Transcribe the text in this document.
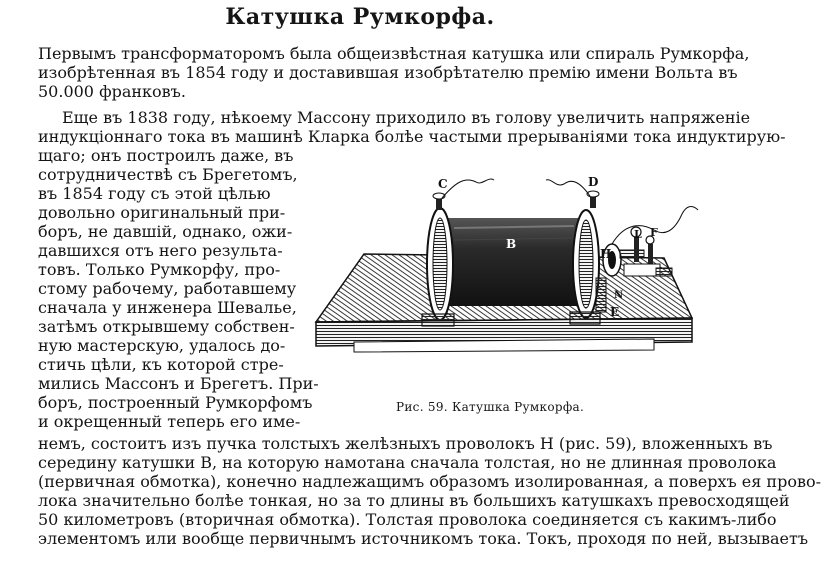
Катушка Румкорфа.
Первымъ трансформаторомъ была общеизвѣстная катушка или спираль Румкорфа,
изобрѣтенная въ 1854 году и доставившая изобрѣтателю премію имени Вольта въ
50.000 франковъ.
Еще въ 1838 году, нѣкоему Массону приходило въ голову увеличить напряженіе
индукціоннаго тока въ машинѣ Кларка болѣе частыми прерываніями тока индуктирую-
щаго; онъ построилъ даже, въ
сотрудничествѣ съ Брегетомъ,
въ 1854 году съ этой цѣлью
довольно оригинальный при-
боръ, не давшій, однако, ожи-
давшихся отъ него результа-
товъ. Только Румкорфу, про-
стому рабочему, работавшему
сначала у инженера Шевалье,
затѣмъ открывшему собствен-
ную мастерскую, удалось до-
стичь цѣли, къ которой стре-
мились Массонъ и Брегетъ. При-
боръ, построенный Румкорфомъ
и окрещенный теперь его име-
немъ, состоитъ изъ пучка толстыхъ желѣзныхъ проволокъ H (рис. 59), вложенныхъ въ
середину катушки B, на которую намотана сначала толстая, но не длинная проволока
(первичная обмотка), конечно надлежащимъ образомъ изолированная, а поверхъ ея прово-
лока значительно болѣе тонкая, но за то длины въ большихъ катушкахъ превосходящей
50 километровъ (вторичная обмотка). Толстая проволока соединяется съ какимъ-либо
элементомъ или вообще первичнымъ источникомъ тока. Токъ, проходя по ней, вызываетъ
C	D
B
H
L F
E
N
Рис. 59. Катушка Румкорфа.
